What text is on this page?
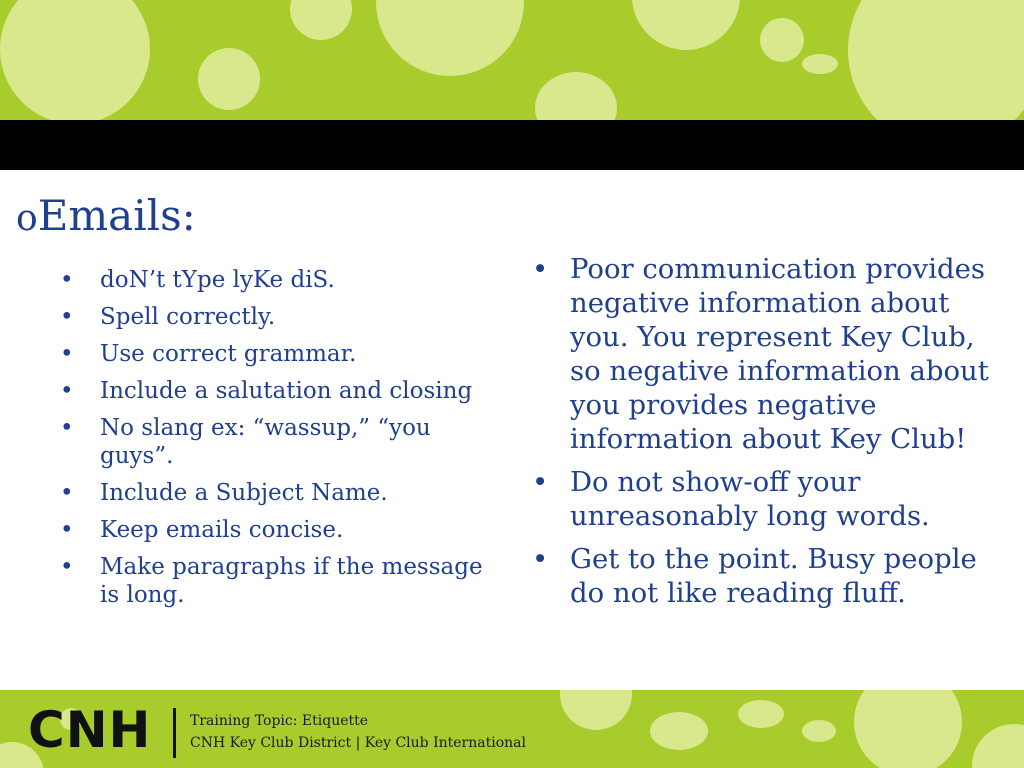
oEmails:
• doN’t tYpe lyKe diS.
• Spell correctly.
• Use correct grammar.
• Include a salutation and closing
• No slang ex: “wassup,” “you guys”.
• Include a Subject Name.
• Keep emails concise.
• Make paragraphs if the message is long.
• Poor communication provides negative information about you. You represent Key Club, so negative information about you provides negative information about Key Club!
• Do not show-off your unreasonably long words.
• Get to the point. Busy people do not like reading fluff.
CNH	Training Topic: Etiquette
CNH Key Club District | Key Club International
